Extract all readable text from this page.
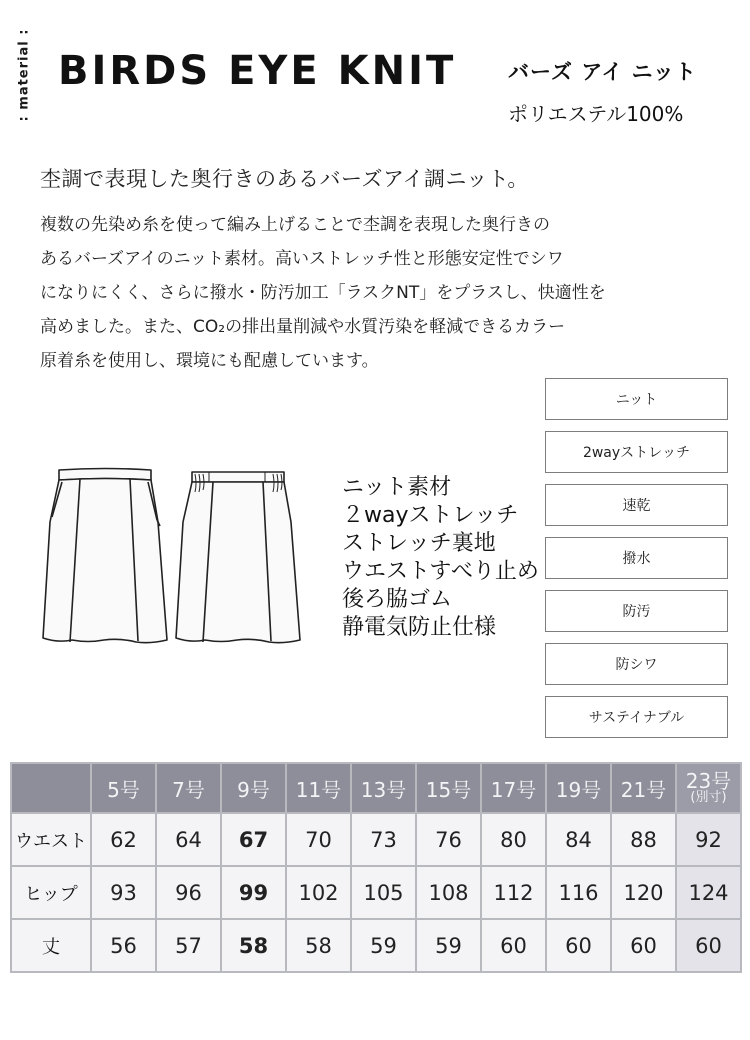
: material : BIRDS EYE KNIT バーズ アイ ニット
ポリエステル100%
杢調で表現した奥行きのあるバーズアイ調ニット。

複数の先染め糸を使って編み上げることで杢調を表現した奥行きの

あるバーズアイのニット素材。高いストレッチ性と形態安定性でシワ

になりにくく、さらに撥水・防汚加工「ラスクNT」をプラスし、快適性を

高めました。また、CO₂の排出量削減や水質汚染を軽減できるカラー

原着糸を使用し、環境にも配慮しています。

ニット
2wayストレッチ
速乾
撥水
防汚
防シワ
サステイナブル
ニット素材
２wayストレッチ
ストレッチ裏地
ウエストすべり止め
後ろ脇ゴム
静電気防止仕様
	5号	7号	9号	11号	13号	15号	17号	19号	21号	23号
(別寸)

ウエスト	62	64	67	70	73	76	80	84	88	92
ヒップ	93	96	99	102	105	108	112	116	120	124
丈	56	57	58	58	59	59	60	60	60	60
